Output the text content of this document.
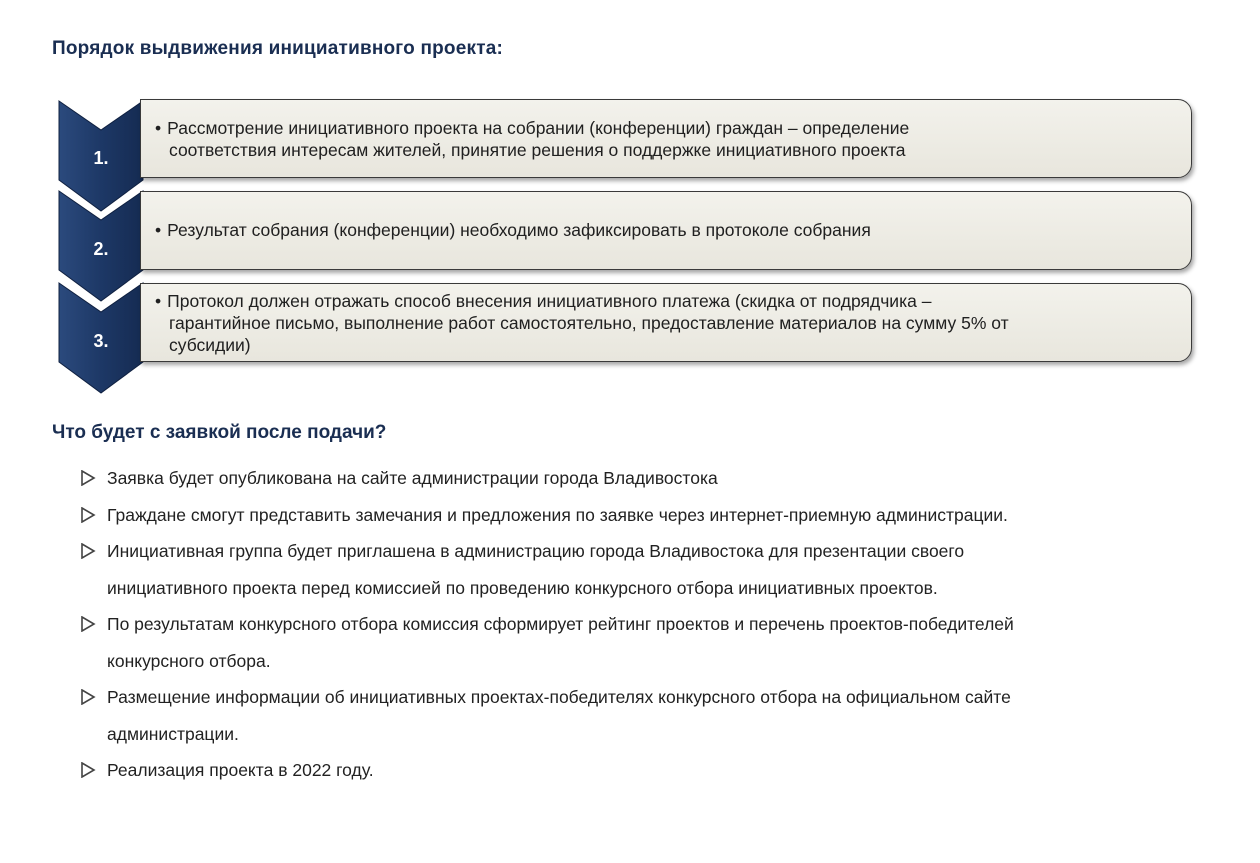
Порядок выдвижения инициативного проекта:
1.
• Рассмотрение инициативного проекта на собрании (конференции) граждан – определение
соответствия интересам жителей, принятие решения о поддержке инициативного проекта
2.
• Результат собрания (конференции) необходимо зафиксировать в протоколе собрания
3.
• Протокол должен отражать способ внесения инициативного платежа (скидка от подрядчика –
гарантийное письмо, выполнение работ самостоятельно, предоставление материалов на сумму 5% от
субсидии)
Что будет с заявкой после подачи?
Заявка будет опубликована на сайте администрации города Владивостока
Граждане смогут представить замечания и предложения по заявке через интернет-приемную администрации.
Инициативная группа будет приглашена в администрацию города Владивостока для презентации своего
инициативного проекта перед комиссией по проведению конкурсного отбора инициативных проектов.
По результатам конкурсного отбора комиссия сформирует рейтинг проектов и перечень проектов-победителей
конкурсного отбора.
Размещение информации об инициативных проектах-победителях конкурсного отбора на официальном сайте
администрации.
Реализация проекта в 2022 году.
